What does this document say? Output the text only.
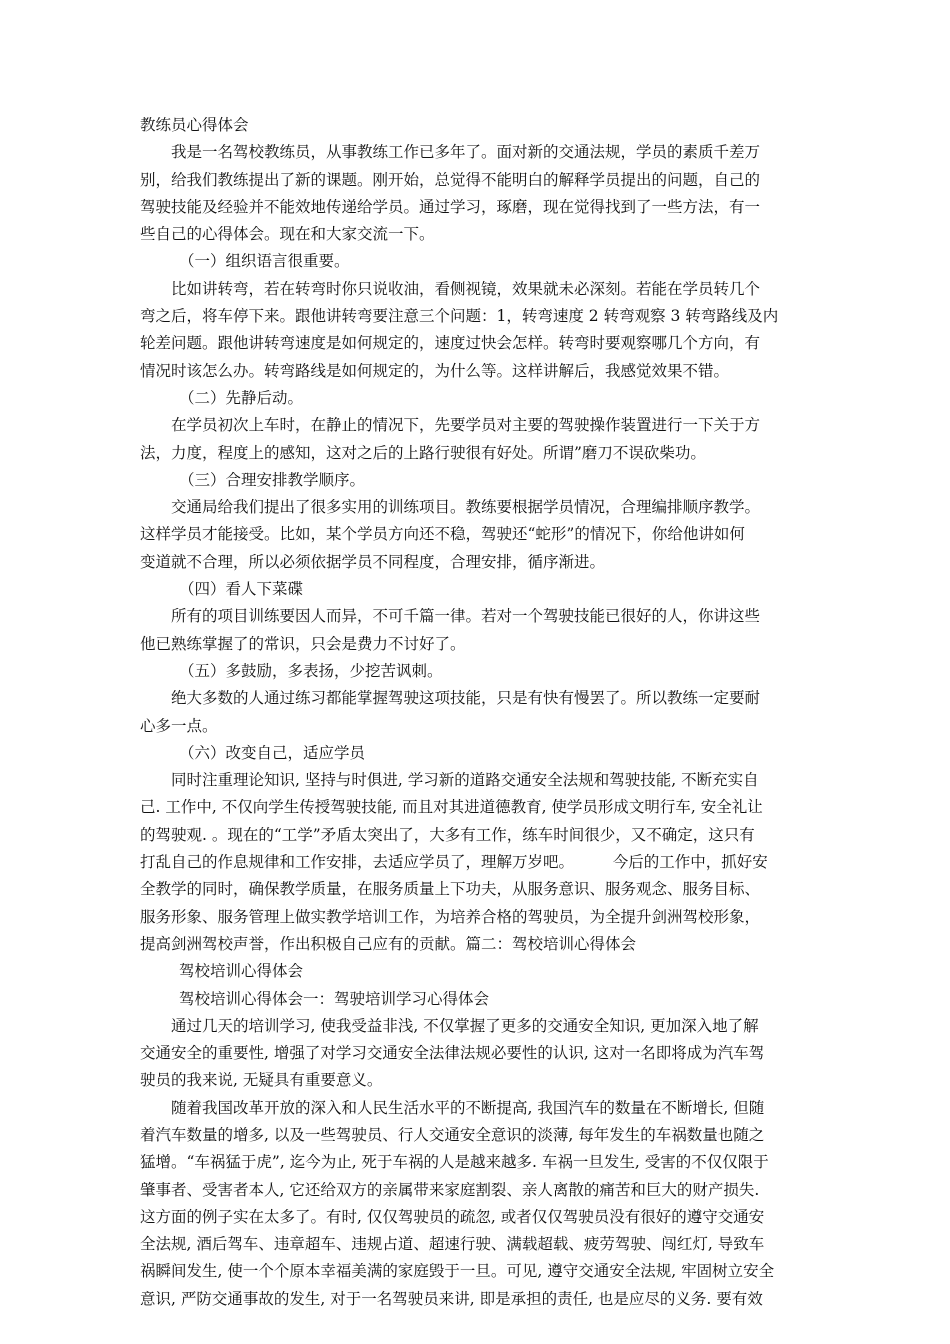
教练员心得体会
我是一名驾校教练员，从事教练工作已多年了。面对新的交通法规，学员的素质千差万
别，给我们教练提出了新的课题。刚开始，总觉得不能明白的解释学员提出的问题，自己的
驾驶技能及经验并不能效地传递给学员。通过学习，琢磨，现在觉得找到了一些方法，有一
些自己的心得体会。现在和大家交流一下。
（一）组织语言很重要。
比如讲转弯，若在转弯时你只说收油，看侧视镜，效果就未必深刻。若能在学员转几个
弯之后，将车停下来。跟他讲转弯要注意三个问题：1，转弯速度 2 转弯观察 3 转弯路线及内
轮差问题。跟他讲转弯速度是如何规定的，速度过快会怎样。转弯时要观察哪几个方向，有
情况时该怎么办。转弯路线是如何规定的，为什么等。这样讲解后，我感觉效果不错。
（二）先静后动。
在学员初次上车时，在静止的情况下，先要学员对主要的驾驶操作装置进行一下关于方
法，力度，程度上的感知，这对之后的上路行驶很有好处。所谓”磨刀不误砍柴功。
（三）合理安排教学顺序。
交通局给我们提出了很多实用的训练项目。教练要根据学员情况，合理编排顺序教学。
这样学员才能接受。比如，某个学员方向还不稳，驾驶还“蛇形”的情况下，你给他讲如何
变道就不合理，所以必须依据学员不同程度，合理安排，循序渐进。
（四）看人下菜碟
所有的项目训练要因人而异，不可千篇一律。若对一个驾驶技能已很好的人，你讲这些
他已熟练掌握了的常识，只会是费力不讨好了。
（五）多鼓励，多表扬，少挖苦讽刺。
绝大多数的人通过练习都能掌握驾驶这项技能，只是有快有慢罢了。所以教练一定要耐
心多一点。
（六）改变自己，适应学员
同时注重理论知识, 坚持与时俱进, 学习新的道路交通安全法规和驾驶技能, 不断充实自
己. 工作中, 不仅向学生传授驾驶技能, 而且对其进道德教育, 使学员形成文明行车, 安全礼让
的驾驶观. 。现在的“工学”矛盾太突出了，大多有工作，练车时间很少，又不确定，这只有
打乱自己的作息规律和工作安排，去适应学员了，理解万岁吧。　　　今后的工作中，抓好安
全教学的同时，确保教学质量，在服务质量上下功夫，从服务意识、服务观念、服务目标、
服务形象、服务管理上做实教学培训工作，为培养合格的驾驶员，为全提升剑洲驾校形象，
提高剑洲驾校声誉，作出积极自己应有的贡献。篇二：驾校培训心得体会
驾校培训心得体会
驾校培训心得体会一：驾驶培训学习心得体会
通过几天的培训学习, 使我受益非浅, 不仅掌握了更多的交通安全知识, 更加深入地了解
交通安全的重要性, 增强了对学习交通安全法律法规必要性的认识, 这对一名即将成为汽车驾
驶员的我来说, 无疑具有重要意义。
随着我国改革开放的深入和人民生活水平的不断提高, 我国汽车的数量在不断增长, 但随
着汽车数量的增多, 以及一些驾驶员、行人交通安全意识的淡薄, 每年发生的车祸数量也随之
猛增。“车祸猛于虎”, 迄今为止, 死于车祸的人是越来越多. 车祸一旦发生, 受害的不仅仅限于
肇事者、受害者本人, 它还给双方的亲属带来家庭割裂、亲人离散的痛苦和巨大的财产损失.
这方面的例子实在太多了。有时, 仅仅驾驶员的疏忽, 或者仅仅驾驶员没有很好的遵守交通安
全法规, 酒后驾车、违章超车、违规占道、超速行驶、满载超载、疲劳驾驶、闯红灯, 导致车
祸瞬间发生, 使一个个原本幸福美满的家庭毁于一旦。可见, 遵守交通安全法规, 牢固树立安全
意识, 严防交通事故的发生, 对于一名驾驶员来讲, 即是承担的责任, 也是应尽的义务. 要有效
